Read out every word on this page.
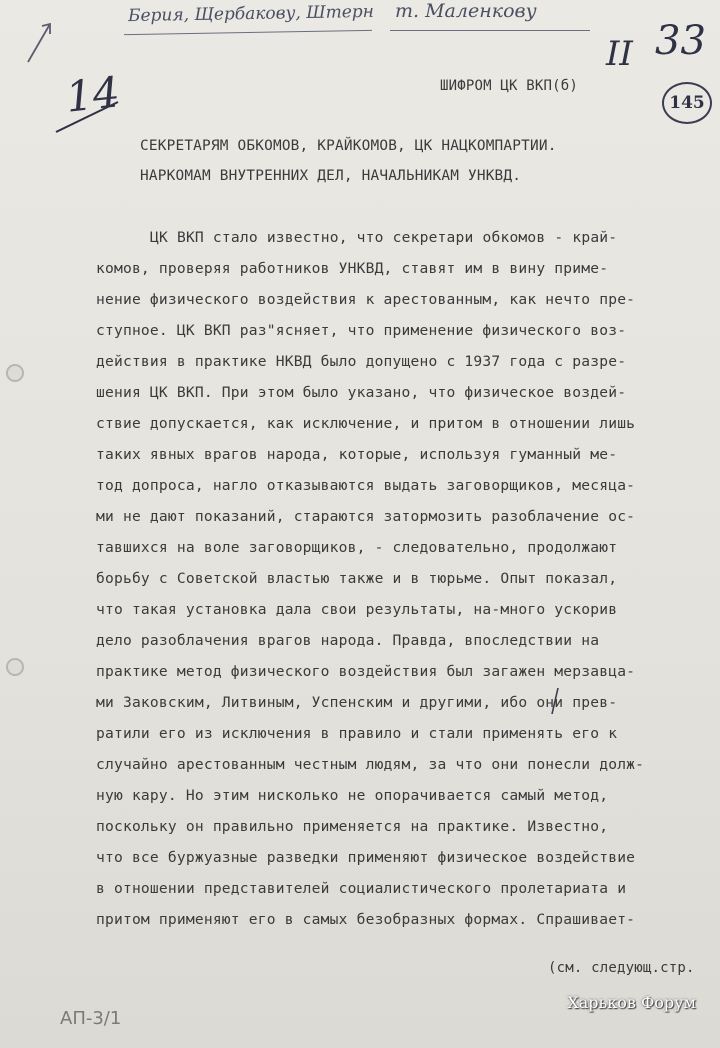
Берия, Щербакову, Штерн т. Маленкову
14
II 33
145
ШИФРОМ ЦК ВКП(б)
СЕКРЕТАРЯМ ОБКОМОВ, КРАЙКОМОВ, ЦК НАЦКОМПАРТИИ.
НАРКОМАМ ВНУТРЕННИХ ДЕЛ, НАЧАЛЬНИКАМ УНКВД.
ЦК ВКП стало известно, что секретари обкомов - край-
комов, проверяя работников УНКВД, ставят им в вину приме-
нение физического воздействия к арестованным, как нечто пре-
ступное. ЦК ВКП раз"ясняет, что применение физического воз-
действия в практике НКВД было допущено с 1937 года с разре-
шения ЦК ВКП. При этом было указано, что физическое воздей-
ствие допускается, как исключение, и притом в отношении лишь
таких явных врагов народа, которые, используя гуманный ме-
тод допроса, нагло отказываются выдать заговорщиков, месяца-
ми не дают показаний, стараются затормозить разоблачение ос-
тавшихся на воле заговорщиков, - следовательно, продолжают
борьбу с Советской властью также и в тюрьме. Опыт показал,
что такая установка дала свои результаты, на-много ускорив
дело разоблачения врагов народа. Правда, впоследствии на
практике метод физического воздействия был загажен мерзавца-
ми Заковским, Литвиным, Успенским и другими, ибо они прев-
ратили его из исключения в правило и стали применять его к
случайно арестованным честным людям, за что они понесли долж-
ную кару. Но этим нисколько не опорачивается самый метод,
поскольку он правильно применяется на практике. Известно,
что все буржуазные разведки применяют физическое воздействие
в отношении представителей социалистического пролетариата и
притом применяют его в самых безобразных формах. Спрашивает-
(см. следующ.стр.
АП-3/1
Харьков Форум
